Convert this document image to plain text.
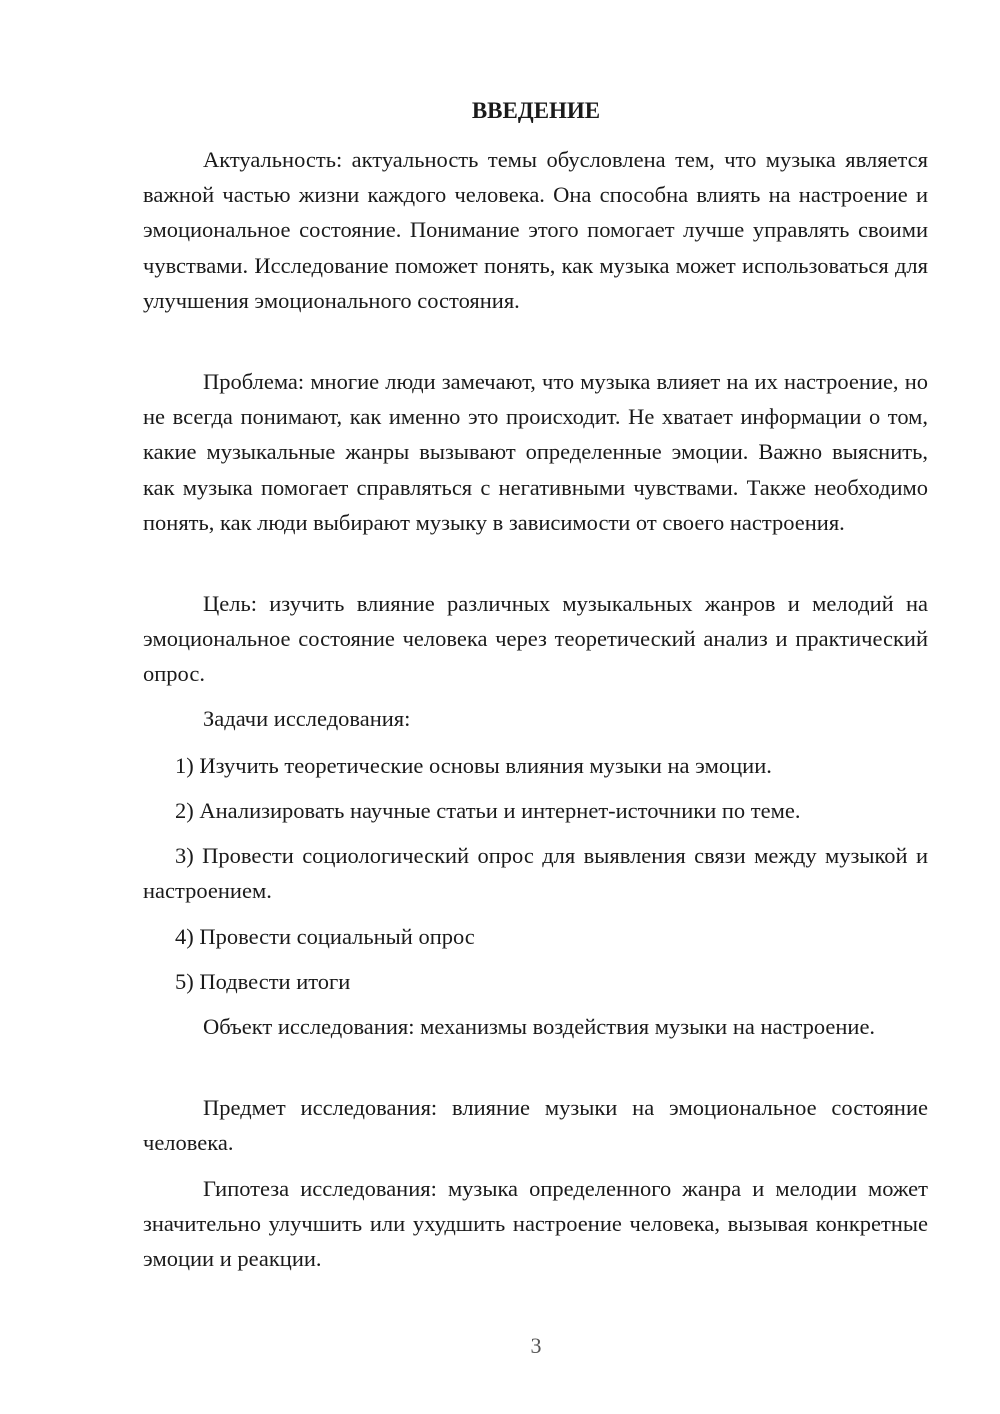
ВВЕДЕНИЕ

Актуальность: актуальность темы обусловлена тем, что музыка является важной частью жизни каждого человека. Она способна влиять на настроение и эмоциональное состояние. Понимание этого помогает лучше управлять своими чувствами. Исследование поможет понять, как музыка может использоваться для улучшения эмоционального состояния.

Проблема: многие люди замечают, что музыка влияет на их настроение, но не всегда понимают, как именно это происходит. Не хватает информации о том, какие музыкальные жанры вызывают определенные эмоции. Важно выяснить, как музыка помогает справляться с негативными чувствами. Также необходимо понять, как люди выбирают музыку в зависимости от своего настроения.

Цель: изучить влияние различных музыкальных жанров и мелодий на эмоциональное состояние человека через теоретический анализ и практический опрос.

Задачи исследования:

1) Изучить теоретические основы влияния музыки на эмоции.

2) Анализировать научные статьи и интернет-источники по теме.

3) Провести социологический опрос для выявления связи между музыкой и настроением.

4) Провести социальный опрос

5) Подвести итоги

Объект исследования: механизмы воздействия музыки на настроение.

Предмет исследования: влияние музыки на эмоциональное состояние человека.

Гипотеза исследования: музыка определенного жанра и мелодии может значительно улучшить или ухудшить настроение человека, вызывая конкретные эмоции и реакции.

3
